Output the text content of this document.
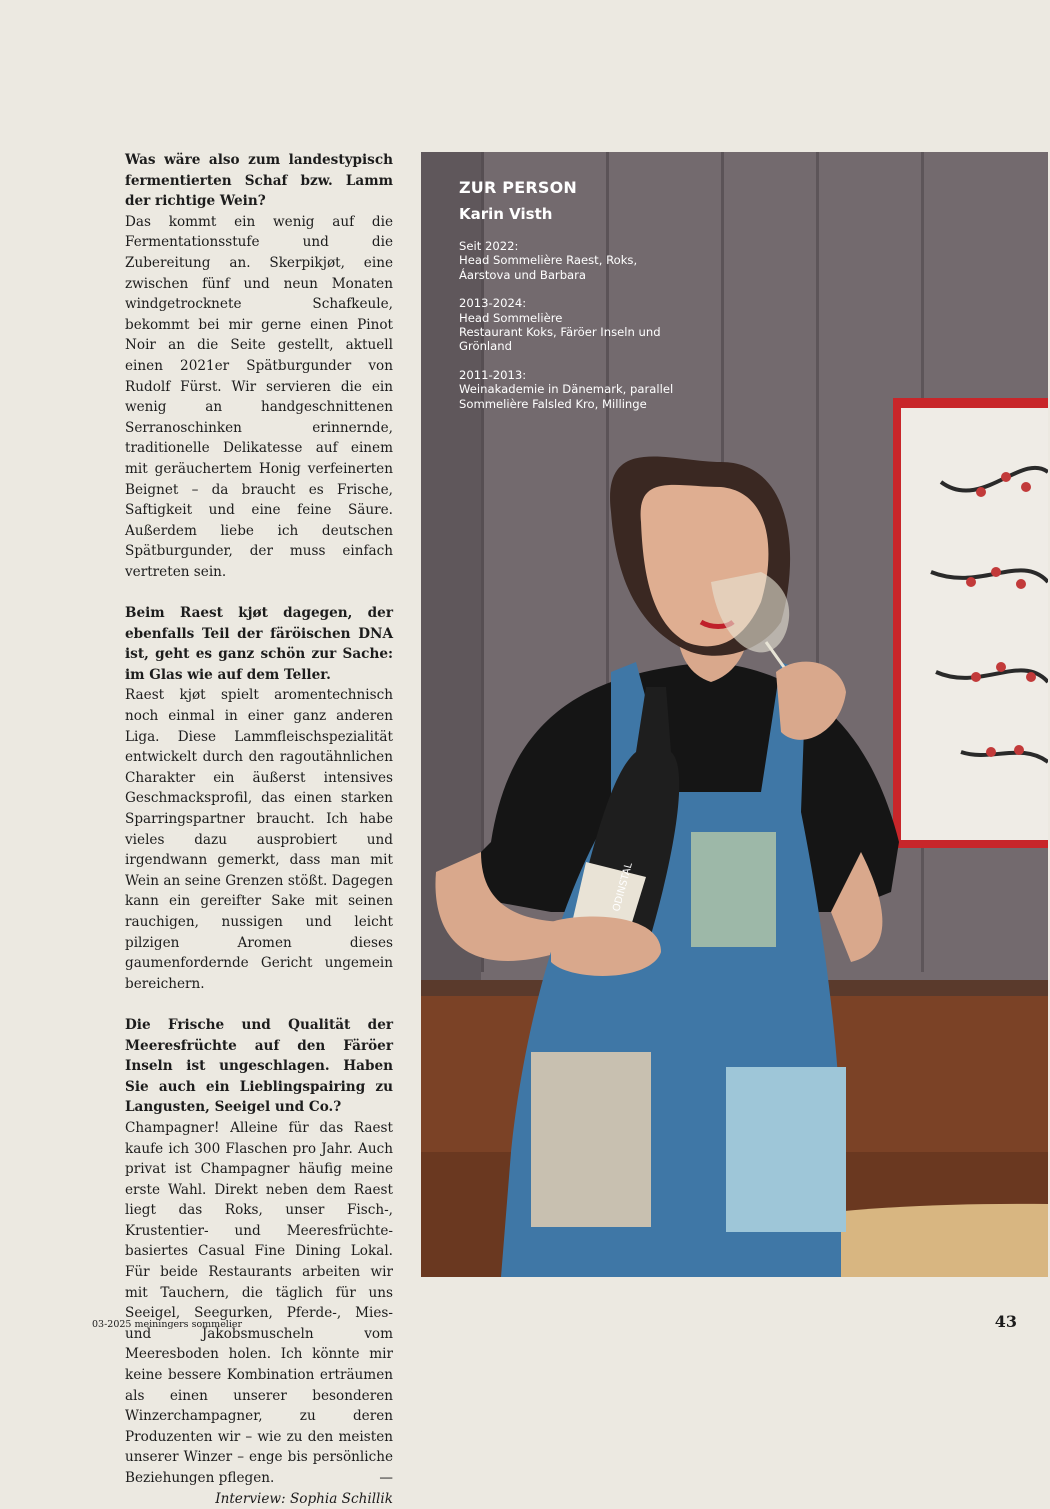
Was wäre also zum landestypisch fermentierten Schaf bzw. Lamm der richtige Wein?

Das kommt ein wenig auf die Fermentationsstufe und die Zubereitung an. Skerpikjøt, eine zwischen fünf und neun Monaten windgetrocknete Schafkeule, bekommt bei mir gerne einen Pinot Noir an die Seite gestellt, aktuell einen 2021er Spätburgunder von Rudolf Fürst. Wir servieren die ein wenig an handgeschnittenen Serranoschinken erinnernde, traditionelle Delikatesse auf einem mit geräuchertem Honig verfeinerten Beignet – da braucht es Frische, Saftigkeit und eine feine Säure. Außerdem liebe ich deutschen Spätburgunder, der muss einfach vertreten sein.

Beim Raest kjøt dagegen, der ebenfalls Teil der färöischen DNA ist, geht es ganz schön zur Sache: im Glas wie auf dem Teller.

Raest kjøt spielt aromentechnisch noch einmal in einer ganz anderen Liga. Diese Lammfleischspezialität entwickelt durch den ragoutähnlichen Charakter ein äußerst intensives Geschmacksprofil, das einen starken Sparringspartner braucht. Ich habe vieles dazu ausprobiert und irgendwann gemerkt, dass man mit Wein an seine Grenzen stößt. Dagegen kann ein gereifter Sake mit seinen rauchigen, nussigen und leicht pilzigen Aromen dieses gaumenfordernde Gericht ungemein bereichern.

Die Frische und Qualität der Meeresfrüchte auf den Färöer Inseln ist ungeschlagen. Haben Sie auch ein Lieblingspairing zu Langusten, Seeigel und Co.?

Champagner! Alleine für das Raest kaufe ich 300 Flaschen pro Jahr. Auch privat ist Champagner häufig meine erste Wahl. Direkt neben dem Raest liegt das Roks, unser Fisch-, Krustentier- und Meeresfrüchte-basiertes Casual Fine Dining Lokal. Für beide Restaurants arbeiten wir mit Tauchern, die täglich für uns Seeigel, Seegurken, Pferde-, Mies- und Jakobsmuscheln vom Meeresboden holen. Ich könnte mir keine bessere Kombination erträumen als einen unserer besonderen Winzerchampagner, zu deren Produzenten wir – wie zu den meisten unserer Winzer – enge bis persönliche Beziehungen pflegen.	—

Interview: Sophia Schillik

ODINSTAL

ZUR PERSON

Karin Visth

Seit 2022:
Head Sommelière Raest, Roks,
Áarstova und Barbara

2013-2024:
Head Sommelière
Restaurant Koks, Färöer Inseln und
Grönland

2011-2013:
Weinakademie in Dänemark, parallel
Sommelière Falsled Kro, Millinge

03-2025 meiningers sommelier	43
